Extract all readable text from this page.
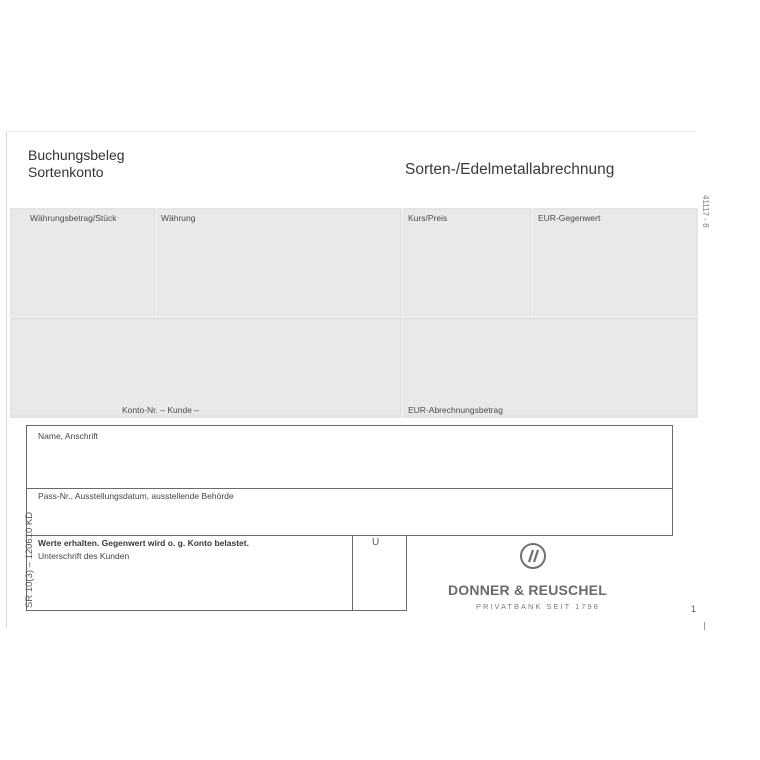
Buchungsbeleg
Sortenkonto	Sorten-/Edelmetallabrechnung
41117 - 8
Währungsbetrag/Stück	Währung	Kurs/Preis	EUR-Gegenwert
Konto-Nr. – Kunde –	EUR-Abrechnungsbetrag
Name, Anschrift
Pass-Nr., Ausstellungsdatum, ausstellende Behörde
Werte erhalten. Gegenwert wird o. g. Konto belastet.
Unterschrift des Kunden
U
SR 10(3) – 120610 KD	DONNER & REUSCHEL
PRIVATBANK SEIT 1798	1
